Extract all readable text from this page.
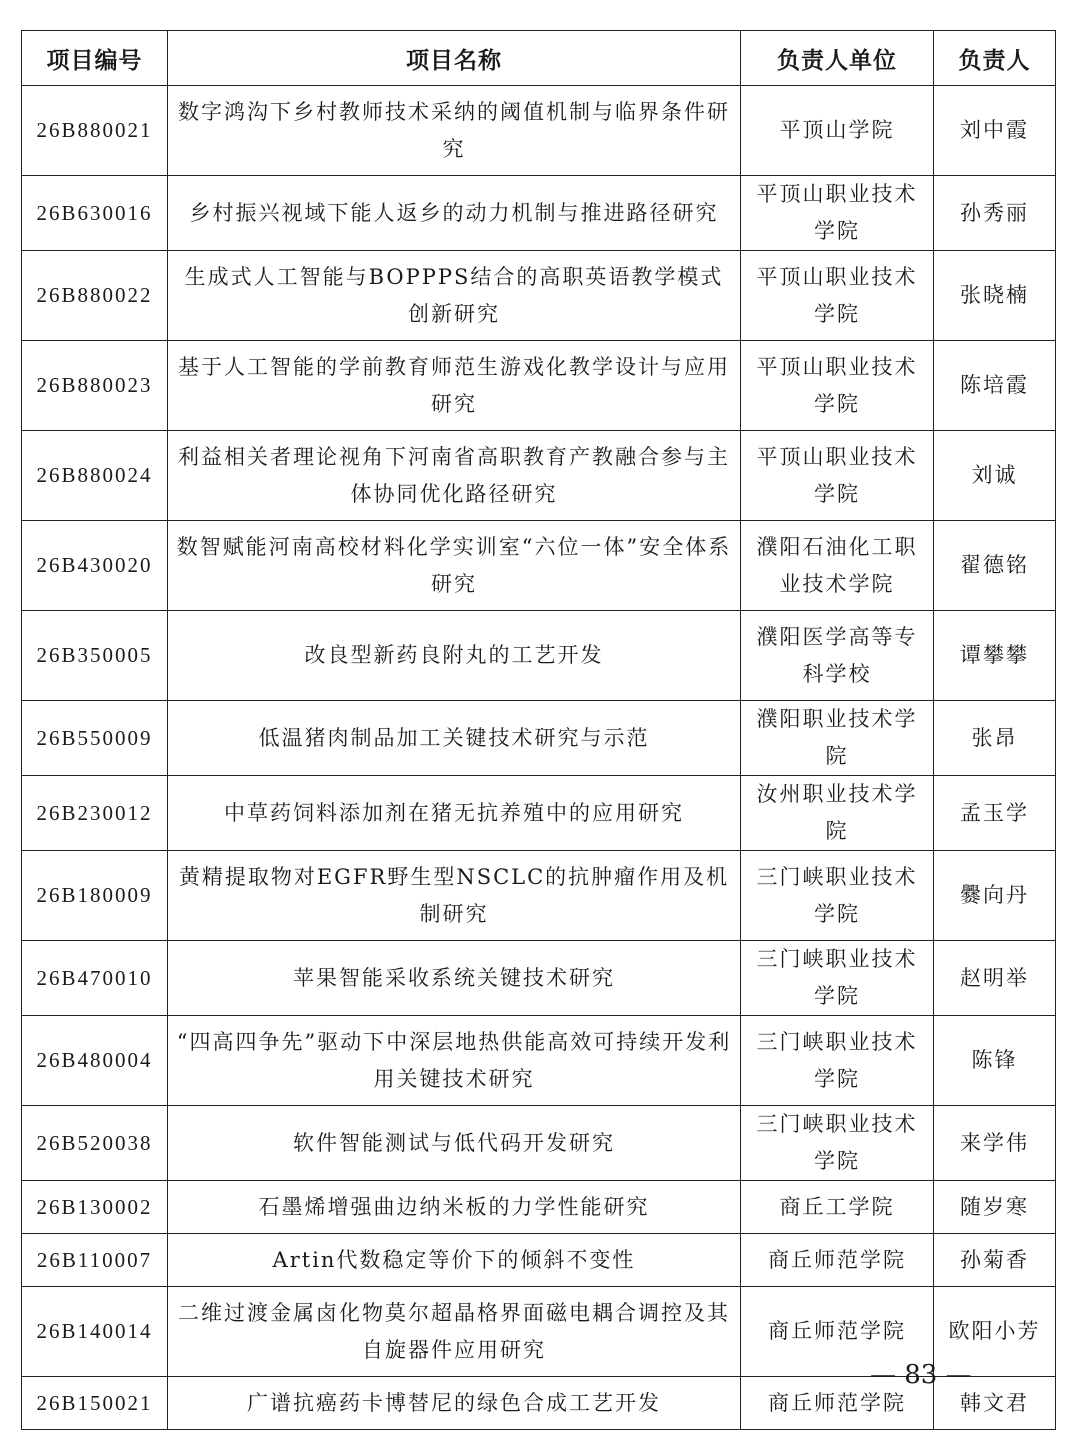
项目编号	项目名称	负责人单位	负责人
26B880021	数字鸿沟下乡村教师技术采纳的阈值机制与临界条件研究	平顶山学院	刘中霞
26B630016	乡村振兴视域下能人返乡的动力机制与推进路径研究	平顶山职业技术学院	孙秀丽
26B880022	生成式人工智能与BOPPPS结合的高职英语教学模式创新研究	平顶山职业技术学院	张晓楠
26B880023	基于人工智能的学前教育师范生游戏化教学设计与应用研究	平顶山职业技术学院	陈培霞
26B880024	利益相关者理论视角下河南省高职教育产教融合参与主体协同优化路径研究	平顶山职业技术学院	刘诚
26B430020	数智赋能河南高校材料化学实训室“六位一体”安全体系研究	濮阳石油化工职业技术学院	翟德铭
26B350005	改良型新药良附丸的工艺开发	濮阳医学高等专科学校	谭攀攀
26B550009	低温猪肉制品加工关键技术研究与示范	濮阳职业技术学院	张昂
26B230012	中草药饲料添加剂在猪无抗养殖中的应用研究	汝州职业技术学院	孟玉学
26B180009	黄精提取物对EGFR野生型NSCLC的抗肿瘤作用及机制研究	三门峡职业技术学院	爨向丹
26B470010	苹果智能采收系统关键技术研究	三门峡职业技术学院	赵明举
26B480004	“四高四争先”驱动下中深层地热供能高效可持续开发利用关键技术研究	三门峡职业技术学院	陈锋
26B520038	软件智能测试与低代码开发研究	三门峡职业技术学院	来学伟
26B130002	石墨烯增强曲边纳米板的力学性能研究	商丘工学院	随岁寒
26B110007	Artin代数稳定等价下的倾斜不变性	商丘师范学院	孙菊香
26B140014	二维过渡金属卤化物莫尔超晶格界面磁电耦合调控及其自旋器件应用研究	商丘师范学院	欧阳小芳
26B150021	广谱抗癌药卡博替尼的绿色合成工艺开发	商丘师范学院	韩文君
— 83 —
